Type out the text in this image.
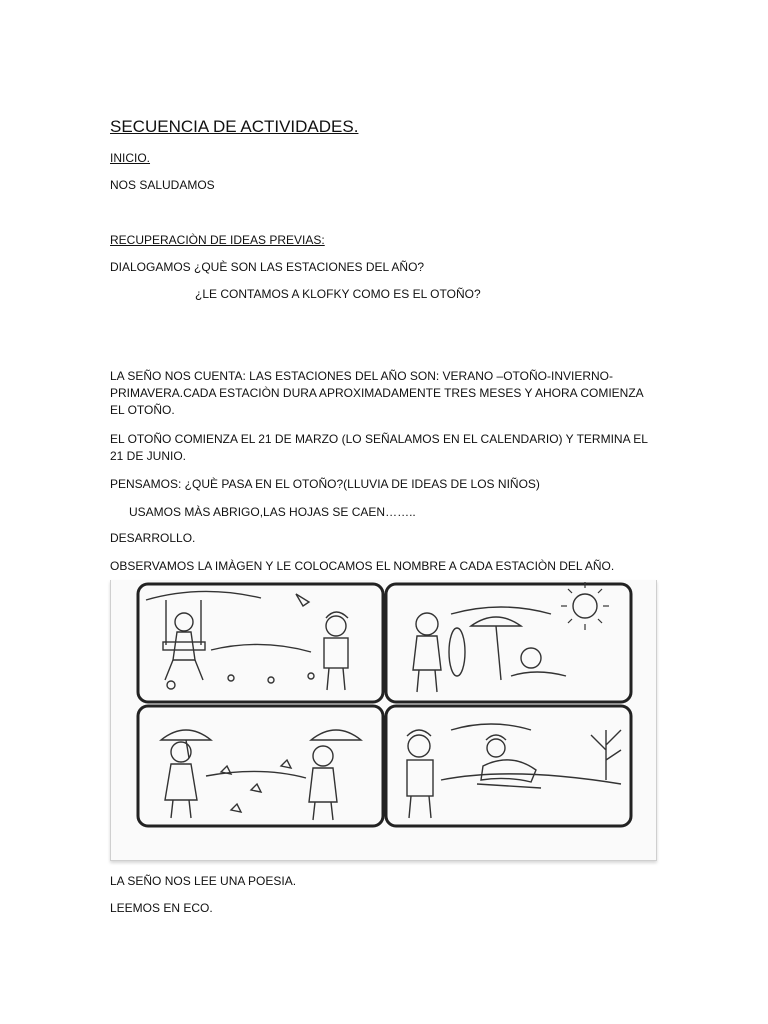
SECUENCIA DE ACTIVIDADES.
INICIO.
NOS SALUDAMOS
RECUPERACIÒN DE IDEAS PREVIAS:
DIALOGAMOS ¿QUÈ SON LAS ESTACIONES DEL AÑO?
¿LE CONTAMOS A KLOFKY COMO ES EL OTOÑO?
LA SEÑO NOS CUENTA: LAS ESTACIONES DEL AÑO SON: VERANO –OTOÑO-INVIERNO-PRIMAVERA.CADA ESTACIÒN DURA APROXIMADAMENTE TRES MESES Y AHORA COMIENZA EL OTOÑO.
EL OTOÑO COMIENZA EL 21 DE MARZO (LO SEÑALAMOS EN EL CALENDARIO) Y TERMINA EL 21 DE JUNIO.
PENSAMOS: ¿QUÈ PASA EN EL OTOÑO?(LLUVIA DE IDEAS DE LOS NIÑOS)
USAMOS MÀS ABRIGO,LAS HOJAS SE CAEN……..
DESARROLLO.
OBSERVAMOS LA IMÀGEN Y LE COLOCAMOS EL NOMBRE A CADA ESTACIÒN DEL AÑO.
LA SEÑO NOS LEE UNA POESIA.
LEEMOS EN ECO.
